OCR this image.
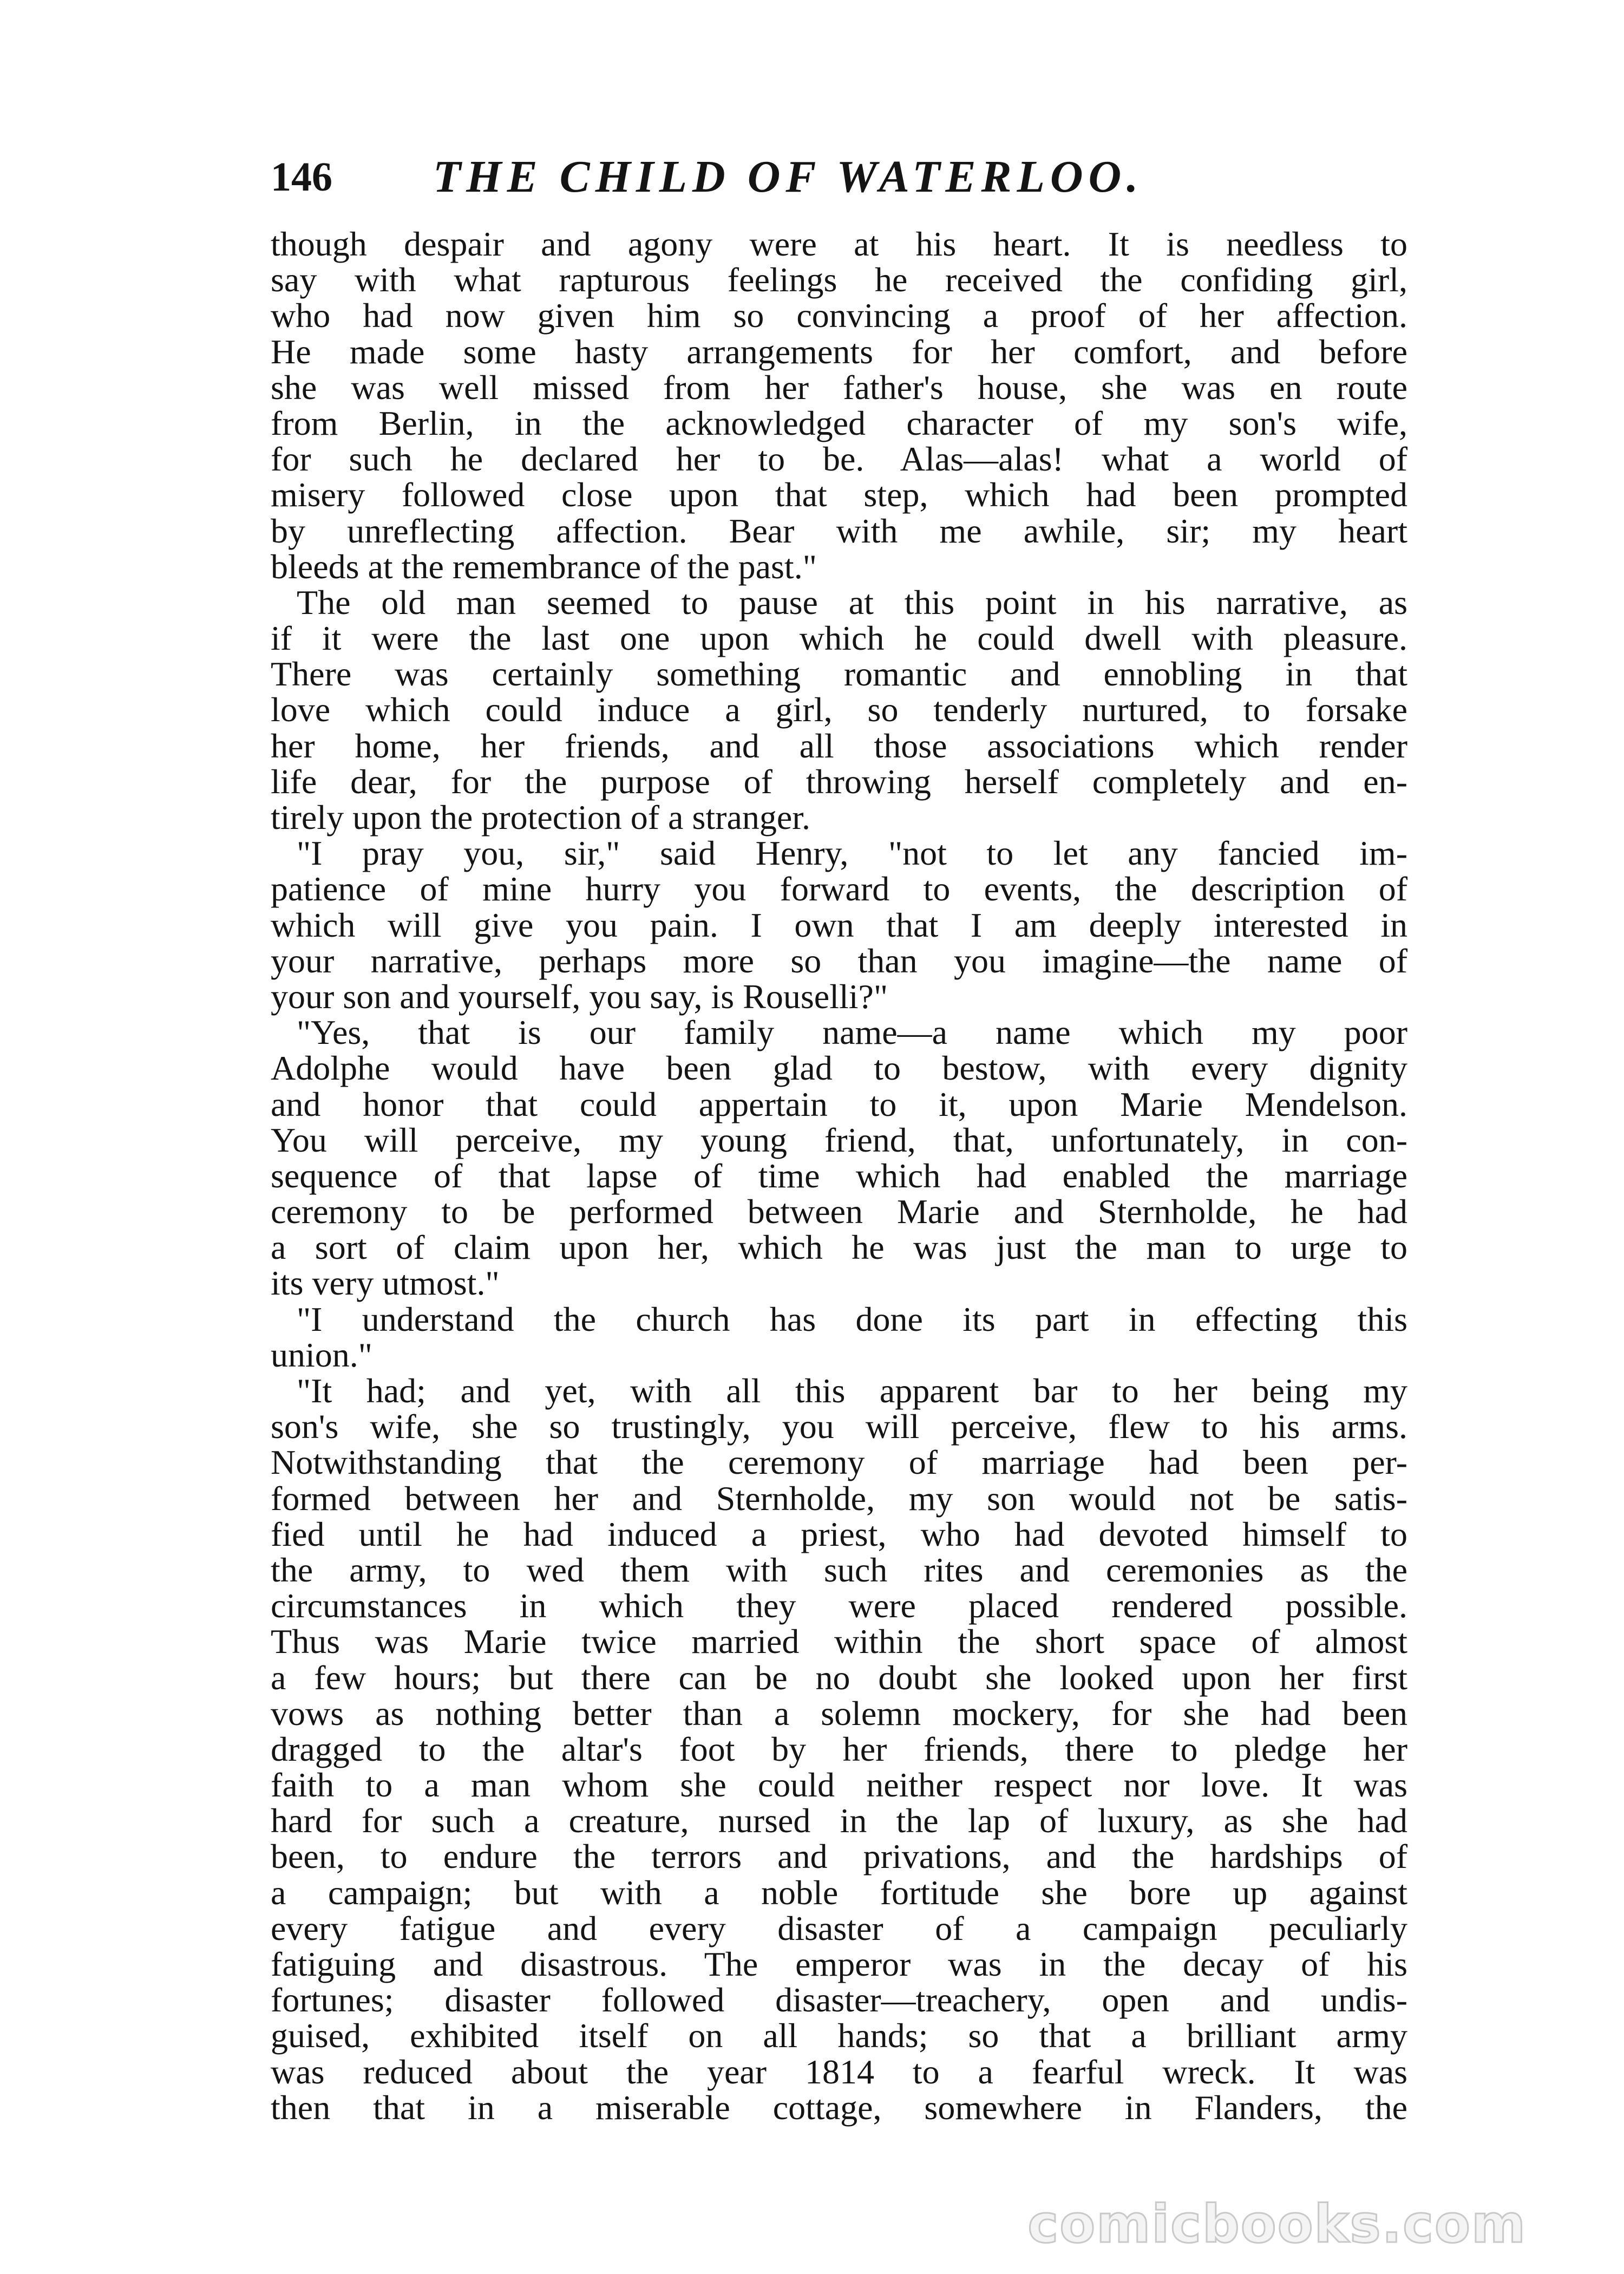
146 THE CHILD OF WATERLOO.
though despair and agony were at his heart. It is needless to
say with what rapturous feelings he received the confiding girl,
who had now given him so convincing a proof of her affection.
He made some hasty arrangements for her comfort, and before
she was well missed from her father's house, she was en route
from Berlin, in the acknowledged character of my son's wife,
for such he declared her to be. Alas—alas! what a world of
misery followed close upon that step, which had been prompted
by unreflecting affection. Bear with me awhile, sir; my heart
bleeds at the remembrance of the past."
The old man seemed to pause at this point in his narrative, as
if it were the last one upon which he could dwell with pleasure.
There was certainly something romantic and ennobling in that
love which could induce a girl, so tenderly nurtured, to forsake
her home, her friends, and all those associations which render
life dear, for the purpose of throwing herself completely and en-
tirely upon the protection of a stranger.
"I pray you, sir," said Henry, "not to let any fancied im-
patience of mine hurry you forward to events, the description of
which will give you pain. I own that I am deeply interested in
your narrative, perhaps more so than you imagine—the name of
your son and yourself, you say, is Rouselli?"
"Yes, that is our family name—a name which my poor
Adolphe would have been glad to bestow, with every dignity
and honor that could appertain to it, upon Marie Mendelson.
You will perceive, my young friend, that, unfortunately, in con-
sequence of that lapse of time which had enabled the marriage
ceremony to be performed between Marie and Sternholde, he had
a sort of claim upon her, which he was just the man to urge to
its very utmost."
"I understand the church has done its part in effecting this
union."
"It had; and yet, with all this apparent bar to her being my
son's wife, she so trustingly, you will perceive, flew to his arms.
Notwithstanding that the ceremony of marriage had been per-
formed between her and Sternholde, my son would not be satis-
fied until he had induced a priest, who had devoted himself to
the army, to wed them with such rites and ceremonies as the
circumstances in which they were placed rendered possible.
Thus was Marie twice married within the short space of almost
a few hours; but there can be no doubt she looked upon her first
vows as nothing better than a solemn mockery, for she had been
dragged to the altar's foot by her friends, there to pledge her
faith to a man whom she could neither respect nor love. It was
hard for such a creature, nursed in the lap of luxury, as she had
been, to endure the terrors and privations, and the hardships of
a campaign; but with a noble fortitude she bore up against
every fatigue and every disaster of a campaign peculiarly
fatiguing and disastrous. The emperor was in the decay of his
fortunes; disaster followed disaster—treachery, open and undis-
guised, exhibited itself on all hands; so that a brilliant army
was reduced about the year 1814 to a fearful wreck. It was
then that in a miserable cottage, somewhere in Flanders, the
comicbooks.com
